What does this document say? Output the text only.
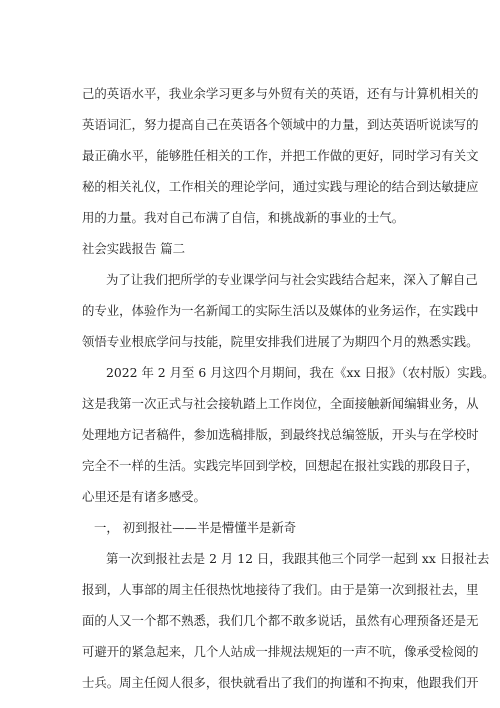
己的英语水平，我业余学习更多与外贸有关的英语，还有与计算机相关的
英语词汇，努力提高自己在英语各个领域中的力量，到达英语听说读写的
最正确水平，能够胜任相关的工作，并把工作做的更好，同时学习有关文
秘的相关礼仪，工作相关的理论学问，通过实践与理论的结合到达敏捷应
用的力量。我对自己布满了自信，和挑战新的事业的士气。
社会实践报告 篇二
为了让我们把所学的专业课学问与社会实践结合起来，深入了解自己
的专业，体验作为一名新闻工的实际生活以及媒体的业务运作，在实践中
领悟专业根底学问与技能，院里安排我们进展了为期四个月的熟悉实践。
2022 年 2 月至 6 月这四个月期间，我在《xx 日报》（农村版）实践。
这是我第一次正式与社会接轨踏上工作岗位，全面接触新闻编辑业务，从
处理地方记者稿件，参加选稿排版，到最终找总编签版，开头与在学校时
完全不一样的生活。实践完毕回到学校，回想起在报社实践的那段日子，
心里还是有诸多感受。
一， 初到报社——半是懵懂半是新奇
第一次到报社去是 2 月 12 日，我跟其他三个同学一起到 xx 日报社去
报到，人事部的周主任很热忱地接待了我们。由于是第一次到报社去，里
面的人又一个都不熟悉，我们几个都不敢多说话，虽然有心理预备还是无
可避开的紧急起来，几个人站成一排规法规矩的一声不吭，像承受检阅的
士兵。周主任阅人很多，很快就看出了我们的拘谨和不拘束，他跟我们开
